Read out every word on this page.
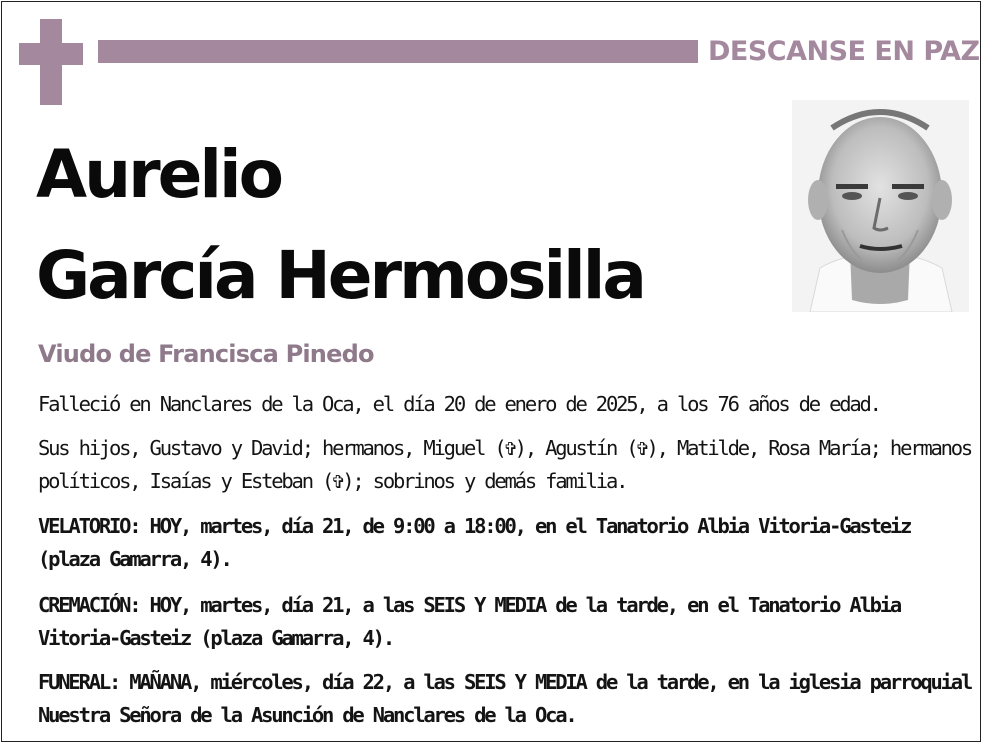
DESCANSE EN PAZ
Aurelio
García Hermosilla
Viudo de Francisca Pinedo
Falleció en Nanclares de la Oca, el día 20 de enero de 2025, a los 76 años de edad.
Sus hijos, Gustavo y David; hermanos, Miguel (✞), Agustín (✞), Matilde, Rosa María; hermanos políticos, Isaías y Esteban (✞); sobrinos y demás familia.
VELATORIO: HOY, martes, día 21, de 9:00 a 18:00, en el Tanatorio Albia Vitoria-Gasteiz (plaza Gamarra, 4).
CREMACIÓN: HOY, martes, día 21, a las SEIS Y MEDIA de la tarde, en el Tanatorio Albia Vitoria-Gasteiz (plaza Gamarra, 4).
FUNERAL: MAÑANA, miércoles, día 22, a las SEIS Y MEDIA de la tarde, en la iglesia parroquial Nuestra Señora de la Asunción de Nanclares de la Oca.
